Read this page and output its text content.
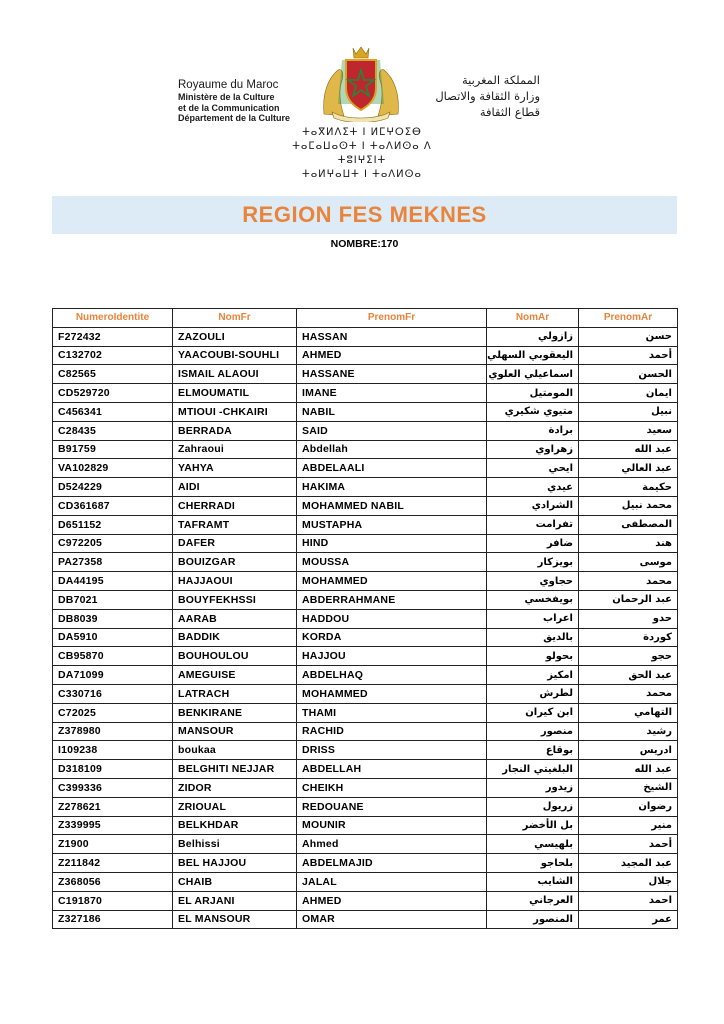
Royaume du Maroc
Ministère de la Culture
et de la Communication
Département de la Culture
المملكة المغربية
وزارة الثقافة والاتصال
قطاع الثقافة
ⵜⴰⴳⵍⴷⵉⵜ ⵏ ⵍⵎⵖⵔⵉⴱ
ⵜⴰⵎⴰⵡⴰⵙⵜ ⵏ ⵜⴰⴷⵍⵙⴰ ⴷ ⵜⵓⵏⵖⵉⵏⵜ
ⵜⴰⵍⵖⴰⵡⵜ ⵏ ⵜⴰⴷⵍⵙⴰ
REGION FES MEKNES
NOMBRE:170
NumeroIdentite	NomFr	PrenomFr	NomAr	PrenomAr
F272432	ZAZOULI	HASSAN	زازولي	حسن
C132702	YAACOUBI-SOUHLI	AHMED	اليعقوبي السهلي	أحمد
C82565	ISMAIL ALAOUI	HASSANE	اسماعيلي العلوي	الحسن
CD529720	ELMOUMATIL	IMANE	المومتيل	ايمان
C456341	MTIOUI -CHKAIRI	NABIL	متيوي شكيري	نبيل
C28435	BERRADA	SAID	برادة	سعيد
B91759	Zahraoui	Abdellah	زهراوي	عبد الله
VA102829	YAHYA	ABDELAALI	ايحي	عبد العالي
D524229	AIDI	HAKIMA	عيدي	حكيمة
CD361687	CHERRADI	MOHAMMED NABIL	الشرادي	محمد نبيل
D651152	TAFRAMT	MUSTAPHA	تفرامت	المصطفى
C972205	DAFER	HIND	ضافر	هند
PA27358	BOUIZGAR	MOUSSA	بويزكار	موسى
DA44195	HAJJAOUI	MOHAMMED	حجاوي	محمد
DB7021	BOUYFEKHSSI	ABDERRAHMANE	بويفخسي	عبد الرحمان
DB8039	AARAB	HADDOU	اعراب	حدو
DA5910	BADDIK	KORDA	بالديق	كوردة
CB95870	BOUHOULOU	HAJJOU	بحولو	حجو
DA71099	AMEGUISE	ABDELHAQ	امكيز	عبد الحق
C330716	LATRACH	MOHAMMED	لطرش	محمد
C72025	BENKIRANE	THAMI	ابن كيران	التهامي
Z378980	MANSOUR	RACHID	منصور	رشيد
I109238	boukaa	DRISS	بوقاع	ادريس
D318109	BELGHITI NEJJAR	ABDELLAH	البلغيتي النجار	عبد الله
C399336	ZIDOR	CHEIKH	زيدور	الشيخ
Z278621	ZRIOUAL	REDOUANE	زريول	رضوان
Z339995	BELKHDAR	MOUNIR	بل الأخضر	منير
Z1900	Belhissi	Ahmed	بلهيسي	أحمد
Z211842	BEL HAJJOU	ABDELMAJID	بلحاجو	عبد المجيد
Z368056	CHAIB	JALAL	الشايب	جلال
C191870	EL ARJANI	AHMED	العرجاني	احمد
Z327186	EL MANSOUR	OMAR	المنصور	عمر
